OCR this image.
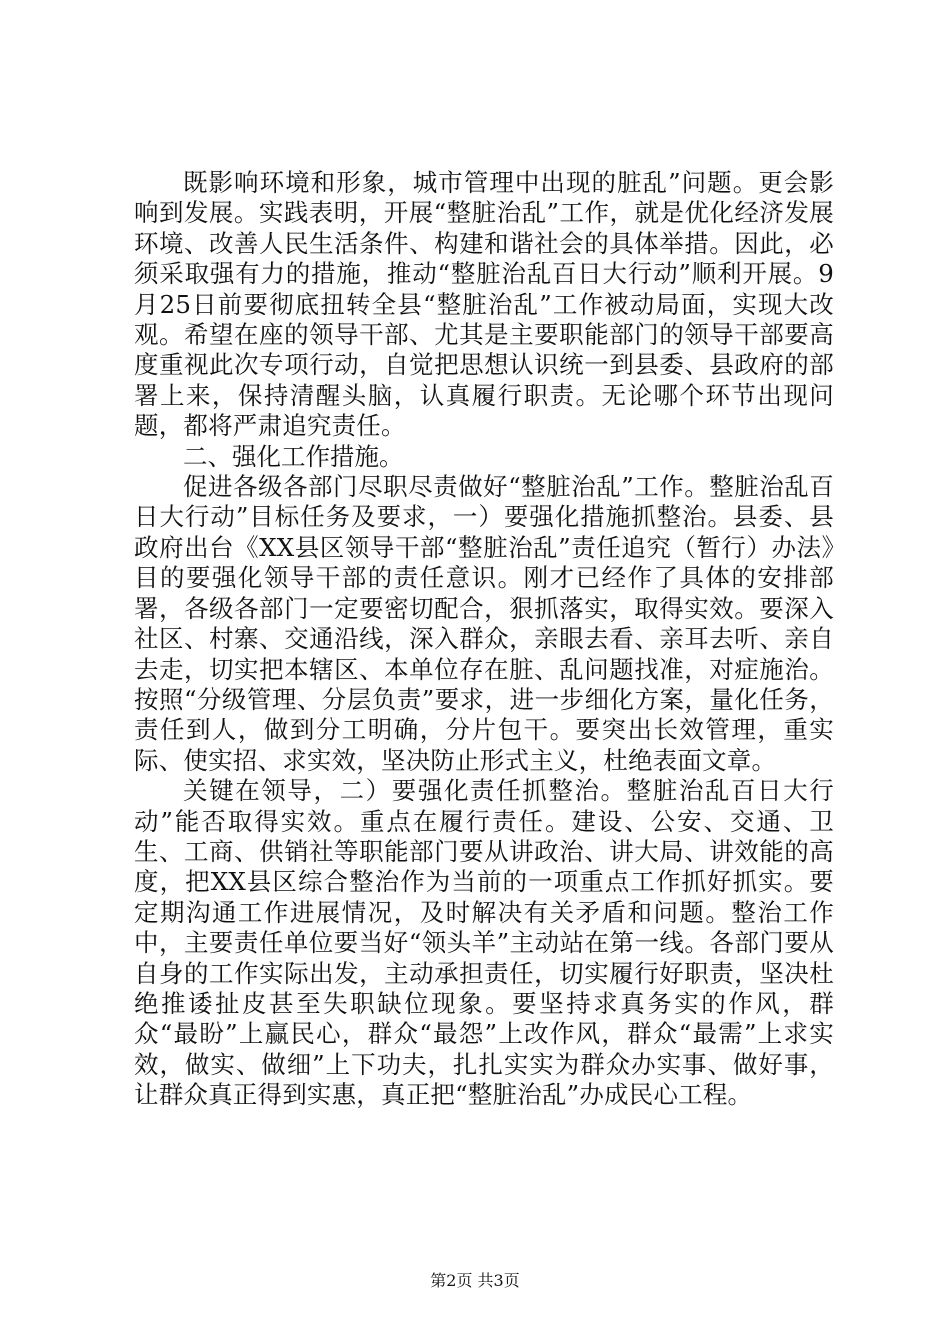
既影响环境和形象，城市管理中出现的脏乱”问题。更会影响到发展。实践表明，开展“整脏治乱”工作，就是优化经济发展环境、改善人民生活条件、构建和谐社会的具体举措。因此，必须采取强有力的措施，推动“整脏治乱百日大行动”顺利开展。9月25日前要彻底扭转全县“整脏治乱”工作被动局面，实现大改观。希望在座的领导干部、尤其是主要职能部门的领导干部要高度重视此次专项行动，自觉把思想认识统一到县委、县政府的部署上来，保持清醒头脑，认真履行职责。无论哪个环节出现问题，都将严肃追究责任。

二、强化工作措施。

促进各级各部门尽职尽责做好“整脏治乱”工作。整脏治乱百日大行动”目标任务及要求，一）要强化措施抓整治。县委、县政府出台《XX县区领导干部“整脏治乱”责任追究（暂行）办法》目的要强化领导干部的责任意识。刚才已经作了具体的安排部署，各级各部门一定要密切配合，狠抓落实，取得实效。要深入社区、村寨、交通沿线，深入群众，亲眼去看、亲耳去听、亲自去走，切实把本辖区、本单位存在脏、乱问题找准，对症施治。按照“分级管理、分层负责”要求，进一步细化方案，量化任务，责任到人，做到分工明确，分片包干。要突出长效管理，重实际、使实招、求实效，坚决防止形式主义，杜绝表面文章。

关键在领导，二）要强化责任抓整治。整脏治乱百日大行动”能否取得实效。重点在履行责任。建设、公安、交通、卫生、工商、供销社等职能部门要从讲政治、讲大局、讲效能的高度，把XX县区综合整治作为当前的一项重点工作抓好抓实。要定期沟通工作进展情况，及时解决有关矛盾和问题。整治工作中，主要责任单位要当好“领头羊”主动站在第一线。各部门要从自身的工作实际出发，主动承担责任，切实履行好职责，坚决杜绝推诿扯皮甚至失职缺位现象。要坚持求真务实的作风，群众“最盼”上赢民心，群众“最怨”上改作风，群众“最需”上求实效，做实、做细”上下功夫，扎扎实实为群众办实事、做好事，让群众真正得到实惠，真正把“整脏治乱”办成民心工程。

第2页 共3页
